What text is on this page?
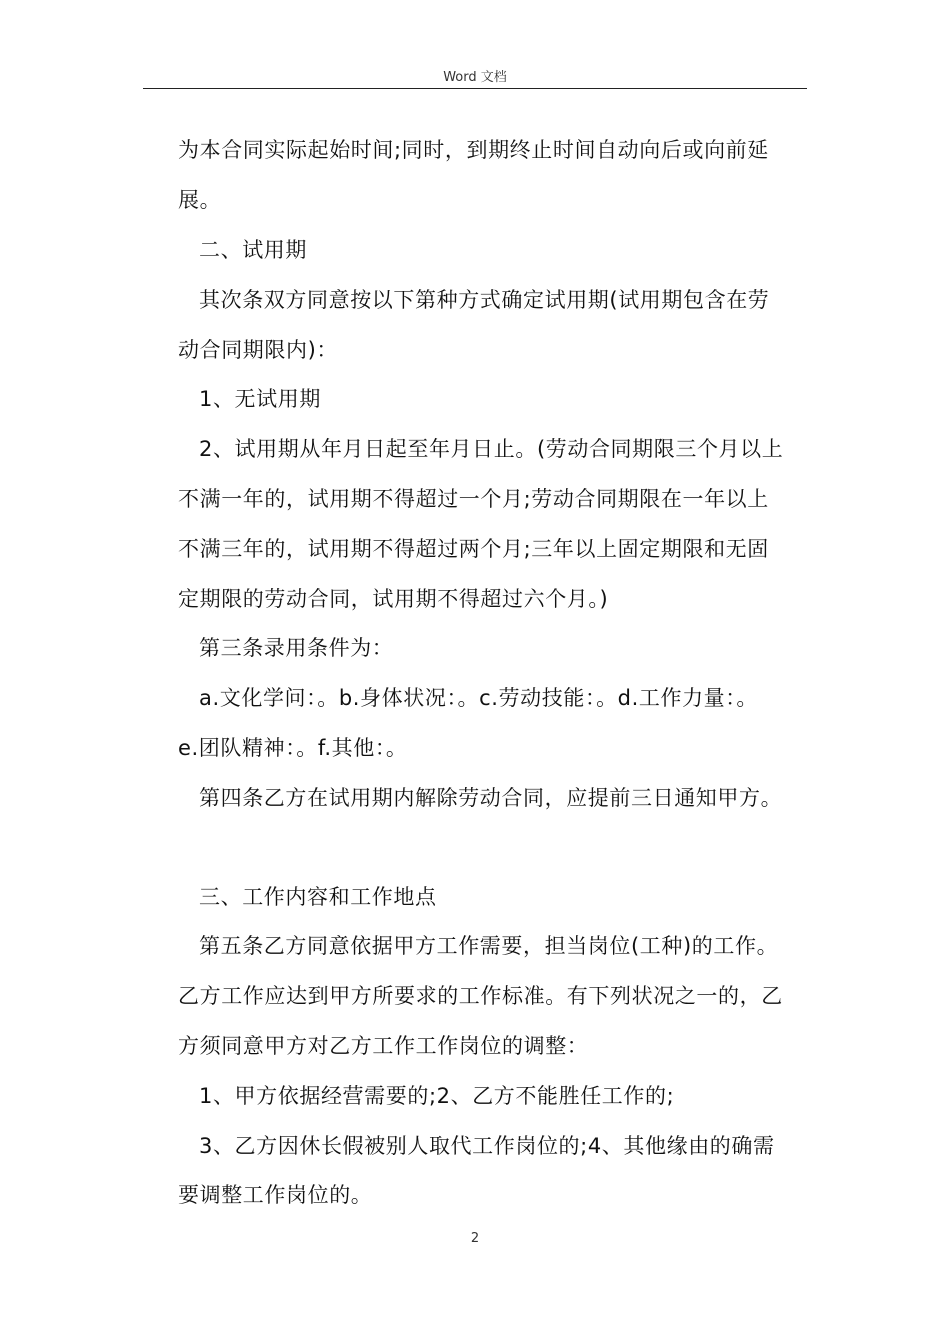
Word 文档
为本合同实际起始时间;同时，到期终止时间自动向后或向前延
展。
二、试用期
其次条双方同意按以下第种方式确定试用期(试用期包含在劳
动合同期限内)：
1、无试用期
2、试用期从年月日起至年月日止。(劳动合同期限三个月以上
不满一年的，试用期不得超过一个月;劳动合同期限在一年以上
不满三年的，试用期不得超过两个月;三年以上固定期限和无固
定期限的劳动合同，试用期不得超过六个月。)
第三条录用条件为：
a.文化学问：。b.身体状况：。c.劳动技能：。d.工作力量：。
e.团队精神：。f.其他：。
第四条乙方在试用期内解除劳动合同，应提前三日通知甲方。
三、工作内容和工作地点
第五条乙方同意依据甲方工作需要，担当岗位(工种)的工作。
乙方工作应达到甲方所要求的工作标准。有下列状况之一的，乙
方须同意甲方对乙方工作工作岗位的调整：
1、甲方依据经营需要的;2、乙方不能胜任工作的;
3、乙方因休长假被别人取代工作岗位的;4、其他缘由的确需
要调整工作岗位的。
2
